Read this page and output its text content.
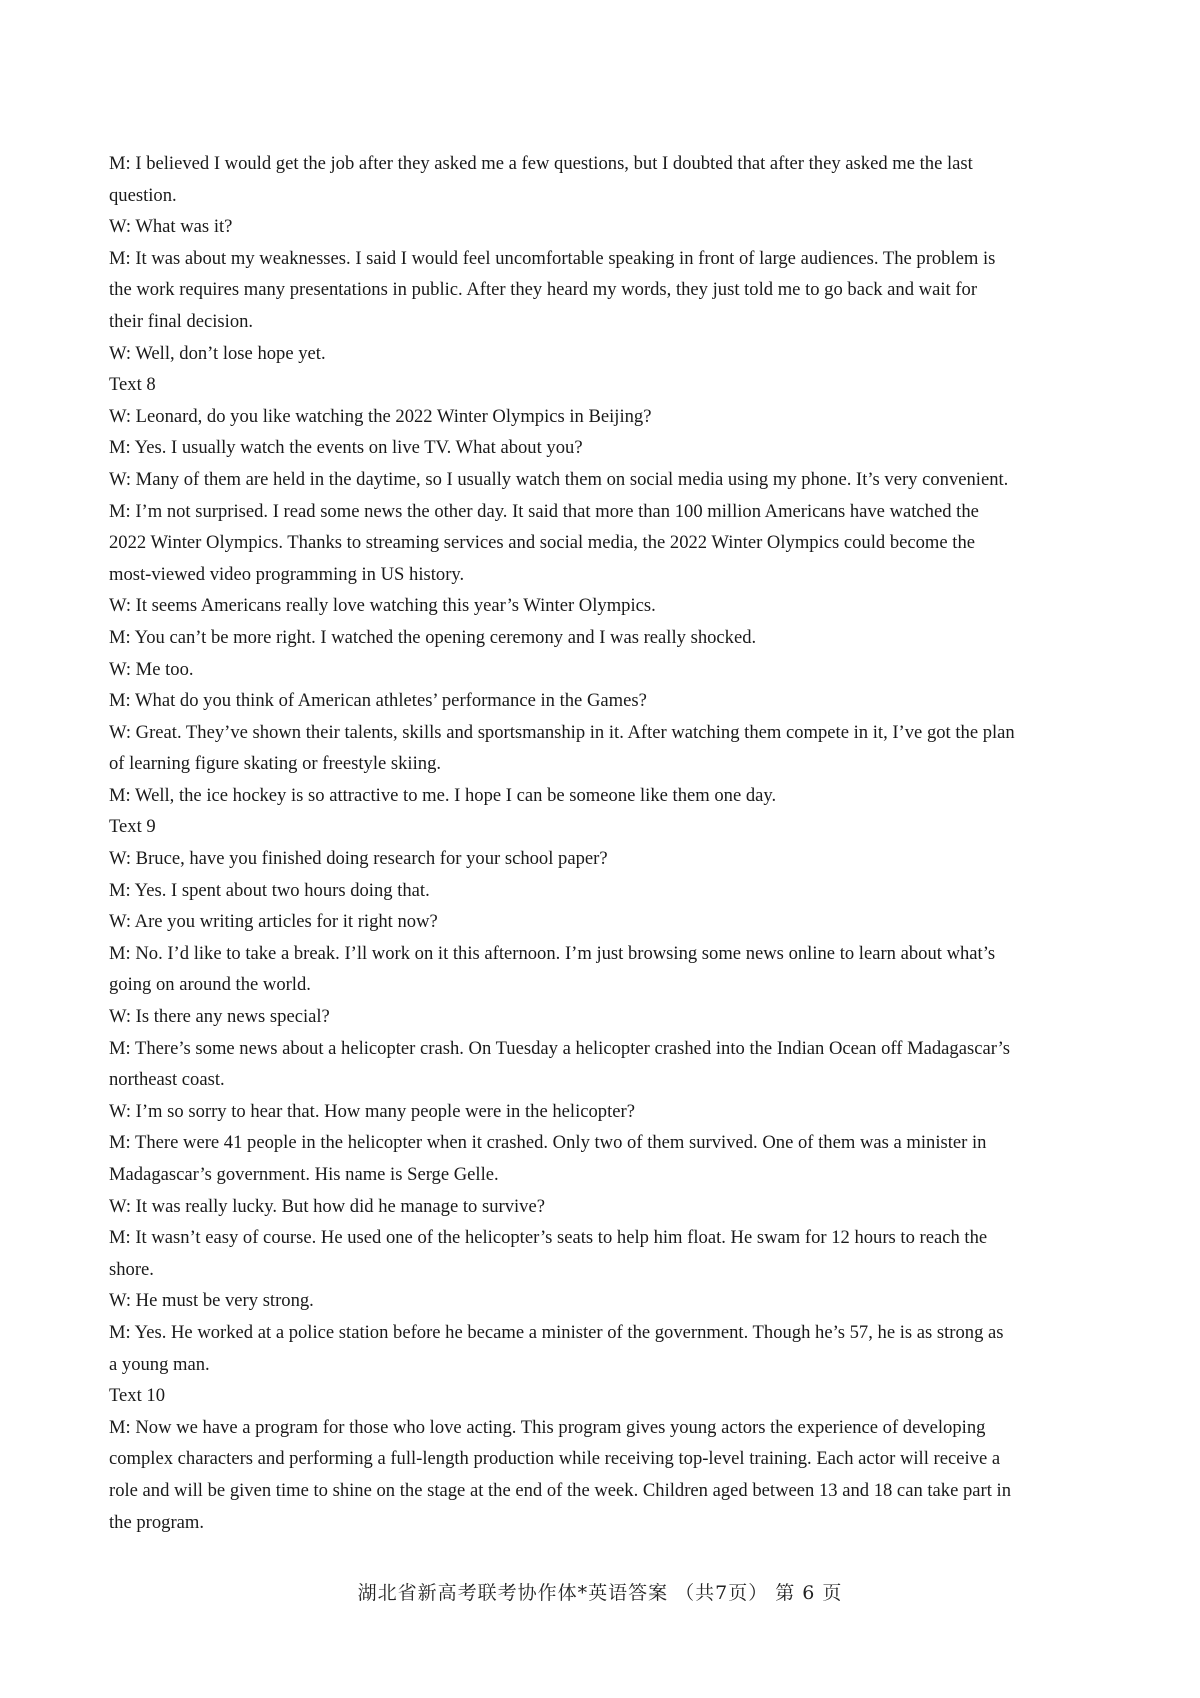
M: I believed I would get the job after they asked me a few questions, but I doubted that after they asked me the last
question.
W: What was it?
M: It was about my weaknesses. I said I would feel uncomfortable speaking in front of large audiences. The problem is
the work requires many presentations in public. After they heard my words, they just told me to go back and wait for
their final decision.
W: Well, don’t lose hope yet.
Text 8
W: Leonard, do you like watching the 2022 Winter Olympics in Beijing?
M: Yes. I usually watch the events on live TV. What about you?
W: Many of them are held in the daytime, so I usually watch them on social media using my phone. It’s very convenient.
M: I’m not surprised. I read some news the other day. It said that more than 100 million Americans have watched the
2022 Winter Olympics. Thanks to streaming services and social media, the 2022 Winter Olympics could become the
most-viewed video programming in US history.
W: It seems Americans really love watching this year’s Winter Olympics.
M: You can’t be more right. I watched the opening ceremony and I was really shocked.
W: Me too.
M: What do you think of American athletes’ performance in the Games?
W: Great. They’ve shown their talents, skills and sportsmanship in it. After watching them compete in it, I’ve got the plan
of learning figure skating or freestyle skiing.
M: Well, the ice hockey is so attractive to me. I hope I can be someone like them one day.
Text 9
W: Bruce, have you finished doing research for your school paper?
M: Yes. I spent about two hours doing that.
W: Are you writing articles for it right now?
M: No. I’d like to take a break. I’ll work on it this afternoon. I’m just browsing some news online to learn about what’s
going on around the world.
W: Is there any news special?
M: There’s some news about a helicopter crash. On Tuesday a helicopter crashed into the Indian Ocean off Madagascar’s
northeast coast.
W: I’m so sorry to hear that. How many people were in the helicopter?
M: There were 41 people in the helicopter when it crashed. Only two of them survived. One of them was a minister in
Madagascar’s government. His name is Serge Gelle.
W: It was really lucky. But how did he manage to survive?
M: It wasn’t easy of course. He used one of the helicopter’s seats to help him float. He swam for 12 hours to reach the
shore.
W: He must be very strong.
M: Yes. He worked at a police station before he became a minister of the government. Though he’s 57, he is as strong as
a young man.
Text 10
M: Now we have a program for those who love acting. This program gives young actors the experience of developing
complex characters and performing a full-length production while receiving top-level training. Each actor will receive a
role and will be given time to shine on the stage at the end of the week. Children aged between 13 and 18 can take part in
the program.
湖北省新高考联考协作体*英语答案 （共7页） 第 6 页
